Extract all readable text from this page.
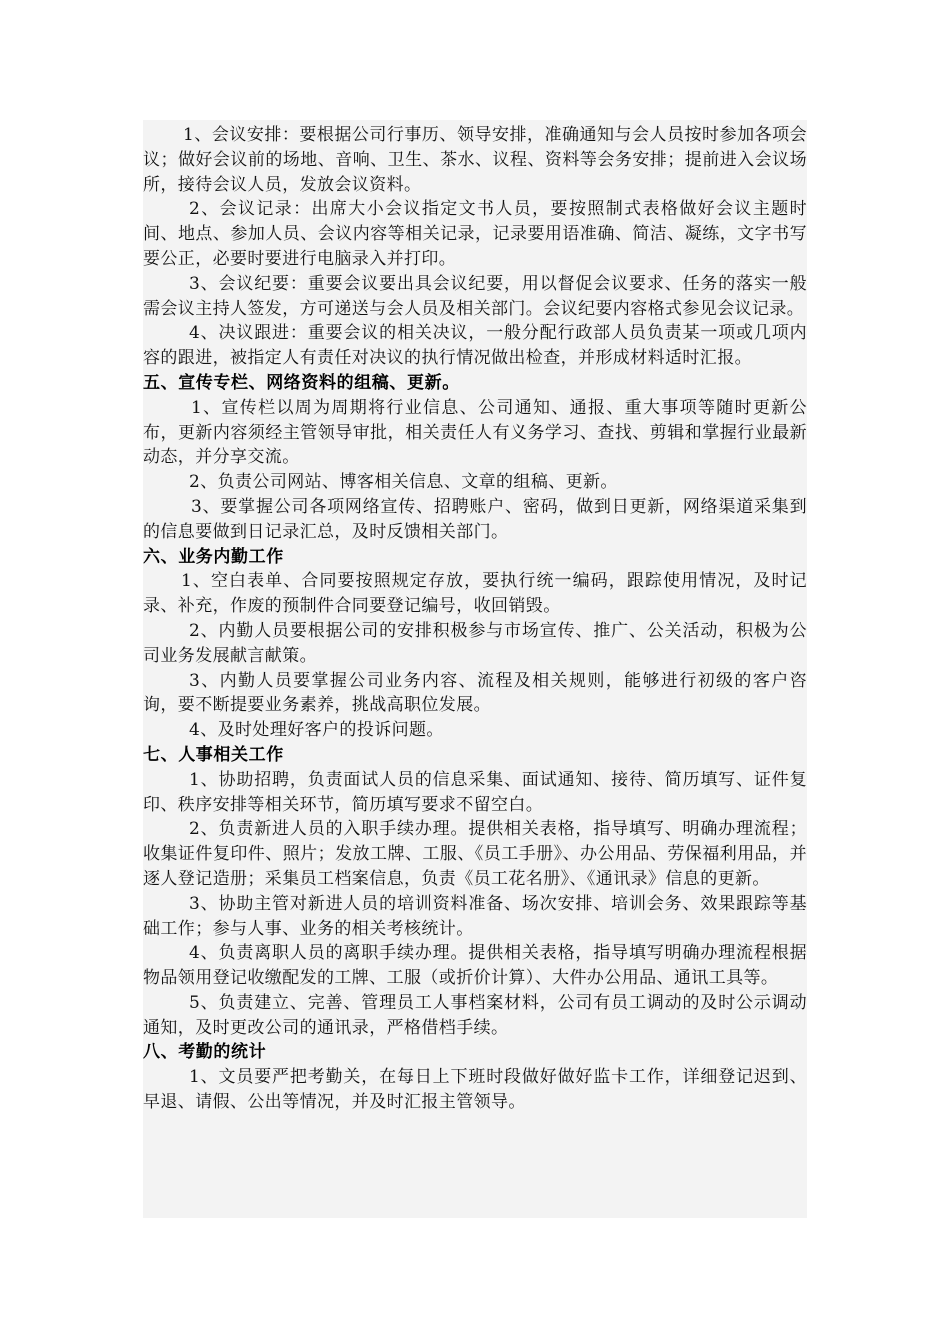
1、会议安排：要根据公司行事历、领导安排，准确通知与会人员按时参加各项会议；做好会议前的场地、音响、卫生、茶水、议程、资料等会务安排；提前进入会议场所，接待会议人员，发放会议资料。

2、会议记录：出席大小会议指定文书人员，要按照制式表格做好会议主题时间、地点、参加人员、会议内容等相关记录，记录要用语准确、简洁、凝练，文字书写要公正，必要时要进行电脑录入并打印。

3、会议纪要：重要会议要出具会议纪要，用以督促会议要求、任务的落实一般需会议主持人签发，方可递送与会人员及相关部门。会议纪要内容格式参见会议记录。

4、决议跟进：重要会议的相关决议，一般分配行政部人员负责某一项或几项内容的跟进，被指定人有责任对决议的执行情况做出检查，并形成材料适时汇报。

五、宣传专栏、网络资料的组稿、更新。

1、宣传栏以周为周期将行业信息、公司通知、通报、重大事项等随时更新公布，更新内容须经主管领导审批，相关责任人有义务学习、查找、剪辑和掌握行业最新动态，并分享交流。

2、负责公司网站、博客相关信息、文章的组稿、更新。

3、要掌握公司各项网络宣传、招聘账户、密码，做到日更新，网络渠道采集到的信息要做到日记录汇总，及时反馈相关部门。

六、业务内勤工作

1、空白表单、合同要按照规定存放，要执行统一编码，跟踪使用情况，及时记录、补充，作废的预制件合同要登记编号，收回销毁。

2、内勤人员要根据公司的安排积极参与市场宣传、推广、公关活动，积极为公司业务发展献言献策。

3、内勤人员要掌握公司业务内容、流程及相关规则，能够进行初级的客户咨询，要不断提要业务素养，挑战高职位发展。

4、及时处理好客户的投诉问题。

七、人事相关工作

1、协助招聘，负责面试人员的信息采集、面试通知、接待、简历填写、证件复印、秩序安排等相关环节，简历填写要求不留空白。

2、负责新进人员的入职手续办理。提供相关表格，指导填写、明确办理流程；收集证件复印件、照片；发放工牌、工服、《员工手册》、办公用品、劳保福利用品，并逐人登记造册；采集员工档案信息，负责《员工花名册》、《通讯录》信息的更新。

3、协助主管对新进人员的培训资料准备、场次安排、培训会务、效果跟踪等基础工作；参与人事、业务的相关考核统计。

4、负责离职人员的离职手续办理。提供相关表格，指导填写明确办理流程根据物品领用登记收缴配发的工牌、工服（或折价计算）、大件办公用品、通讯工具等。

5、负责建立、完善、管理员工人事档案材料，公司有员工调动的及时公示调动通知，及时更改公司的通讯录，严格借档手续。

八、考勤的统计

1、文员要严把考勤关，在每日上下班时段做好做好监卡工作，详细登记迟到、早退、请假、公出等情况，并及时汇报主管领导。
